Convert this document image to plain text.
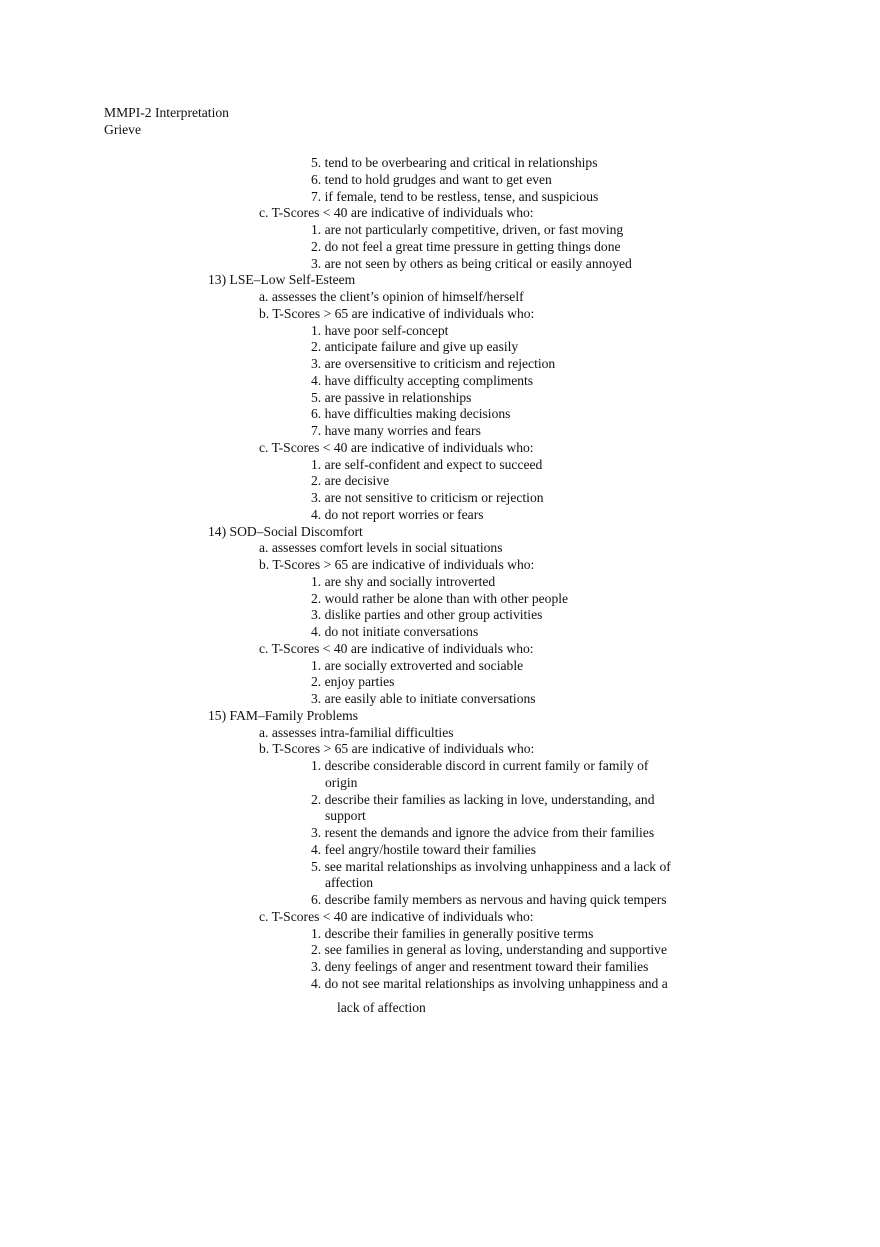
MMPI-2 Interpretation
Grieve
5. tend to be overbearing and critical in relationships
6. tend to hold grudges and want to get even
7. if female, tend to be restless, tense, and suspicious
c. T-Scores < 40 are indicative of individuals who:
1. are not particularly competitive, driven, or fast moving
2. do not feel a great time pressure in getting things done
3. are not seen by others as being critical or easily annoyed
13) LSE–Low Self-Esteem
a. assesses the client’s opinion of himself/herself
b. T-Scores > 65 are indicative of individuals who:
1. have poor self-concept
2. anticipate failure and give up easily
3. are oversensitive to criticism and rejection
4. have difficulty accepting compliments
5. are passive in relationships
6. have difficulties making decisions
7. have many worries and fears
c. T-Scores < 40 are indicative of individuals who:
1. are self-confident and expect to succeed
2. are decisive
3. are not sensitive to criticism or rejection
4. do not report worries or fears
14) SOD–Social Discomfort
a. assesses comfort levels in social situations
b. T-Scores > 65 are indicative of individuals who:
1. are shy and socially introverted
2. would rather be alone than with other people
3. dislike parties and other group activities
4. do not initiate conversations
c. T-Scores < 40 are indicative of individuals who:
1. are socially extroverted and sociable
2. enjoy parties
3. are easily able to initiate conversations
15) FAM–Family Problems
a. assesses intra-familial difficulties
b. T-Scores > 65 are indicative of individuals who:
1. describe considerable discord in current family or family of
origin
2. describe their families as lacking in love, understanding, and
support
3. resent the demands and ignore the advice from their families
4. feel angry/hostile toward their families
5. see marital relationships as involving unhappiness and a lack of
affection
6. describe family members as nervous and having quick tempers
c. T-Scores < 40 are indicative of individuals who:
1. describe their families in generally positive terms
2. see families in general as loving, understanding and supportive
3. deny feelings of anger and resentment toward their families
4. do not see marital relationships as involving unhappiness and a
lack of affection
